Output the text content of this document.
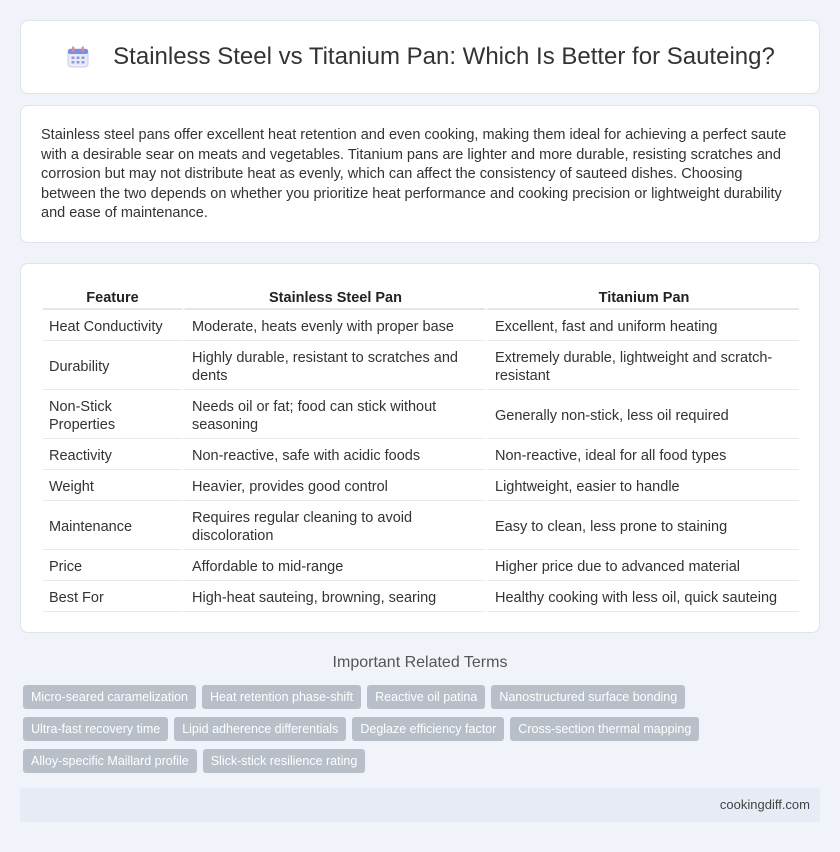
Stainless Steel vs Titanium Pan: Which Is Better for Sauteing?

Stainless steel pans offer excellent heat retention and even cooking, making them ideal for achieving a perfect saute with a desirable sear on meats and vegetables. Titanium pans are lighter and more durable, resisting scratches and corrosion but may not distribute heat as evenly, which can affect the consistency of sauteed dishes. Choosing between the two depends on whether you prioritize heat performance and cooking precision or lightweight durability and ease of maintenance.

Feature	Stainless Steel Pan	Titanium Pan
Heat Conductivity	Moderate, heats evenly with proper base	Excellent, fast and uniform heating
Durability	Highly durable, resistant to scratches and dents	Extremely durable, lightweight and scratch-resistant
Non-Stick Properties	Needs oil or fat; food can stick without seasoning	Generally non-stick, less oil required
Reactivity	Non-reactive, safe with acidic foods	Non-reactive, ideal for all food types
Weight	Heavier, provides good control	Lightweight, easier to handle
Maintenance	Requires regular cleaning to avoid discoloration	Easy to clean, less prone to staining
Price	Affordable to mid-range	Higher price due to advanced material
Best For	High-heat sauteing, browning, searing	Healthy cooking with less oil, quick sauteing
Important Related Terms
Micro-seared caramelization	Heat retention phase-shift	Reactive oil patina	Nanostructured surface bonding
Ultra-fast recovery time	Lipid adherence differentials	Deglaze efficiency factor	Cross-section thermal mapping
Alloy-specific Maillard profile	Slick-stick resilience rating
cookingdiff.com
